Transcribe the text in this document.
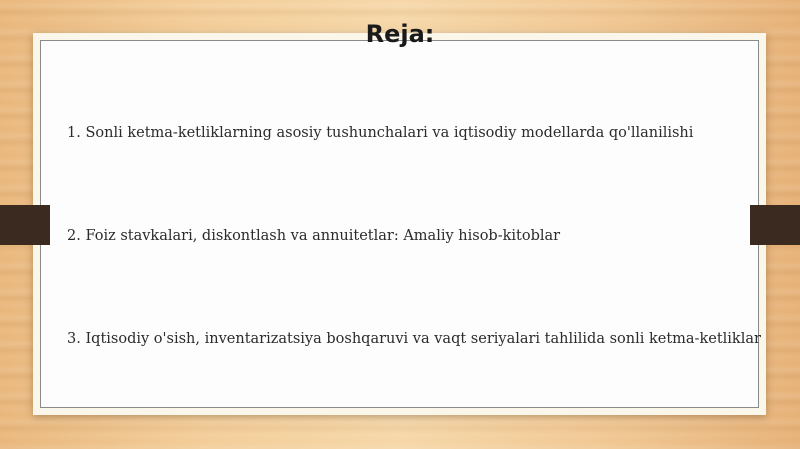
Reja:
1. Sonli ketma-ketliklarning asosiy tushunchalari va iqtisodiy modellarda qo'llanilishi
2. Foiz stavkalari, diskontlash va annuitetlar: Amaliy hisob-kitoblar
3. Iqtisodiy o'sish, inventarizatsiya boshqaruvi va vaqt seriyalari tahlilida sonli ketma-ketliklar
